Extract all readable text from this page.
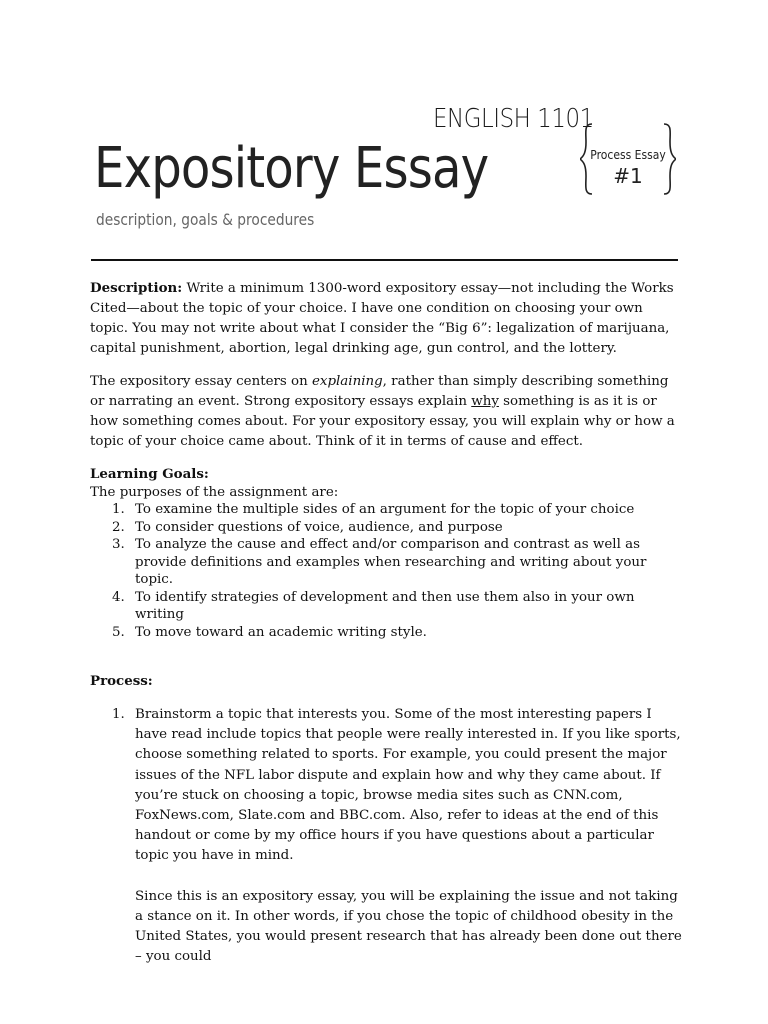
ENGLISH 1101
Expository Essay
description, goals & procedures
Process Essay
#1

Description: Write a minimum 1300-word expository essay—not including the Works Cited—about the topic of your choice. I have one condition on choosing your own topic. You may not write about what I consider the “Big 6”: legalization of marijuana, capital punishment, abortion, legal drinking age, gun control, and the lottery.

The expository essay centers on explaining, rather than simply describing something or narrating an event. Strong expository essays explain why something is as it is or how something comes about. For your expository essay, you will explain why or how a topic of your choice came about. Think of it in terms of cause and effect.

Learning Goals:

The purposes of the assignment are:

1. To examine the multiple sides of an argument for the topic of your choice
2. To consider questions of voice, audience, and purpose
3. To analyze the cause and effect and/or comparison and contrast as well as provide definitions and examples when researching and writing about your topic.
4. To identify strategies of development and then use them also in your own writing
5. To move toward an academic writing style.

Process:

1. Brainstorm a topic that interests you. Some of the most interesting papers I have read include topics that people were really interested in. If you like sports, choose something related to sports. For example, you could present the major issues of the NFL labor dispute and explain how and why they came about. If you’re stuck on choosing a topic, browse media sites such as CNN.com, FoxNews.com, Slate.com and BBC.com. Also, refer to ideas at the end of this handout or come by my office hours if you have questions about a particular topic you have in mind.
Since this is an expository essay, you will be explaining the issue and not taking a stance on it. In other words, if you chose the topic of childhood obesity in the United States, you would present research that has already been done out there – you could
